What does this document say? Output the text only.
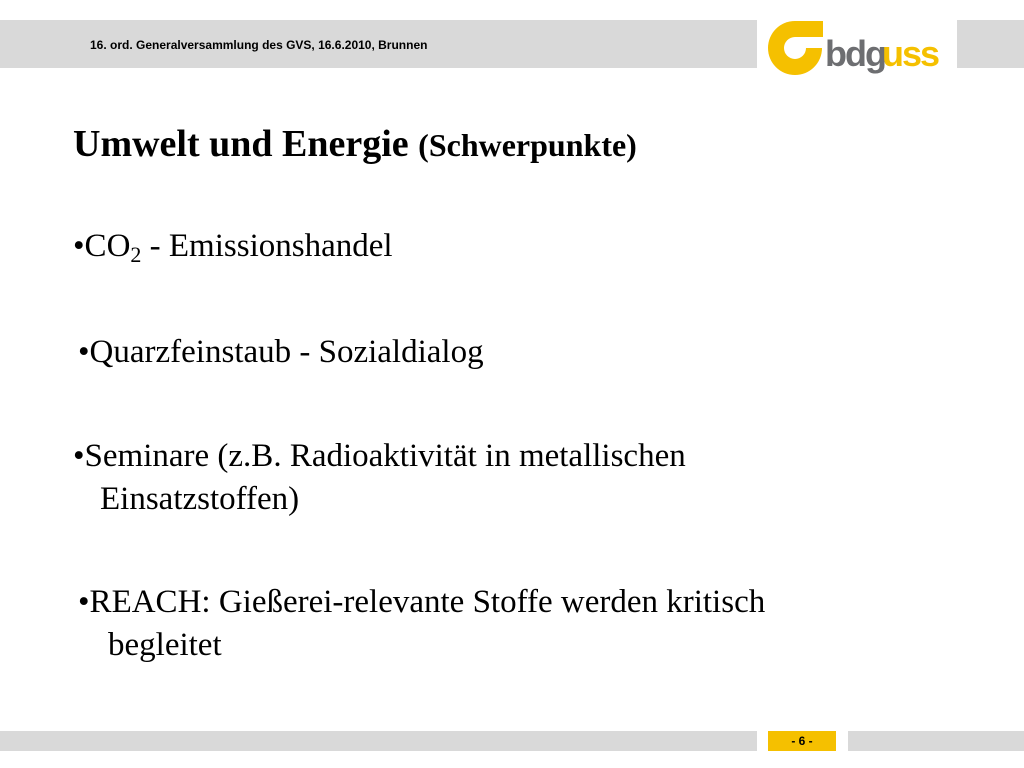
16. ord. Generalversammlung des GVS, 16.6.2010, Brunnen	bdg
uss
Umwelt und Energie (Schwerpunkte)

$•CO_2$ - Emissionshandel

•Quarzfeinstaub - Sozialdialog

•Seminare (z.B. Radioaktivität in metallischen
Einsatzstoffen)

•REACH: Gießerei-relevante Stoffe werden kritisch
begleitet

- 6 -
